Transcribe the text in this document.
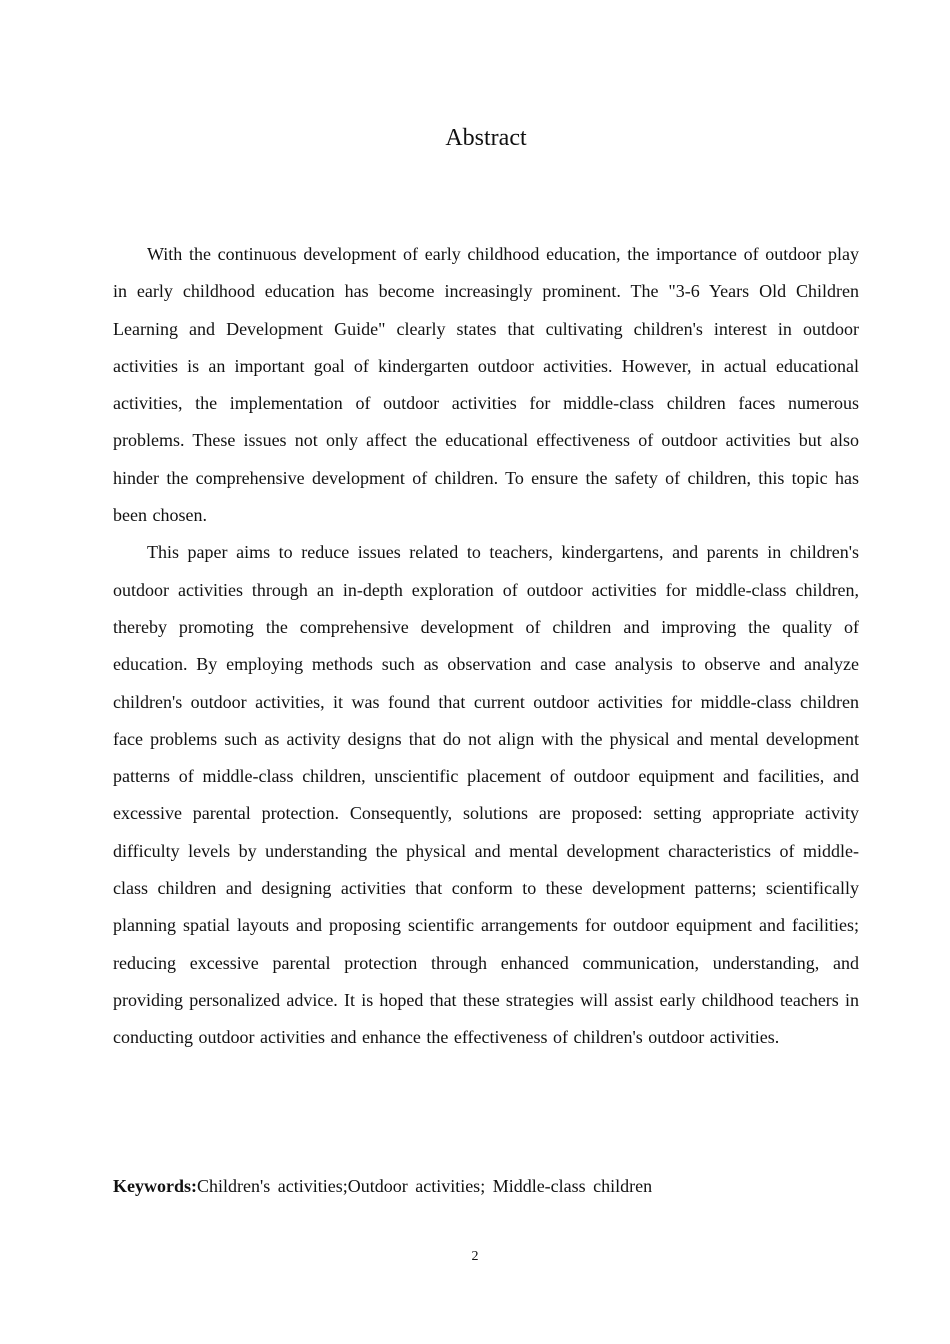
Abstract

With the continuous development of early childhood education, the importance of outdoor play in early childhood education has become increasingly prominent. The "3-6 Years Old Children Learning and Development Guide" clearly states that cultivating children's interest in outdoor activities is an important goal of kindergarten outdoor activities. However, in actual educational activities, the implementation of outdoor activities for middle-class children faces numerous problems. These issues not only affect the educational effectiveness of outdoor activities but also hinder the comprehensive development of children. To ensure the safety of children, this topic has been chosen.

This paper aims to reduce issues related to teachers, kindergartens, and parents in children's outdoor activities through an in-depth exploration of outdoor activities for middle-class children, thereby promoting the comprehensive development of children and improving the quality of education. By employing methods such as observation and case analysis to observe and analyze children's outdoor activities, it was found that current outdoor activities for middle-class children face problems such as activity designs that do not align with the physical and mental development patterns of middle-class children, unscientific placement of outdoor equipment and facilities, and excessive parental protection. Consequently, solutions are proposed: setting appropriate activity difficulty levels by understanding the physical and mental development characteristics of middle-class children and designing activities that conform to these development patterns; scientifically planning spatial layouts and proposing scientific arrangements for outdoor equipment and facilities; reducing excessive parental protection through enhanced communication, understanding, and providing personalized advice. It is hoped that these strategies will assist early childhood teachers in conducting outdoor activities and enhance the effectiveness of children's outdoor activities.

Keywords:Children's activities;Outdoor activities; Middle-class children

2
